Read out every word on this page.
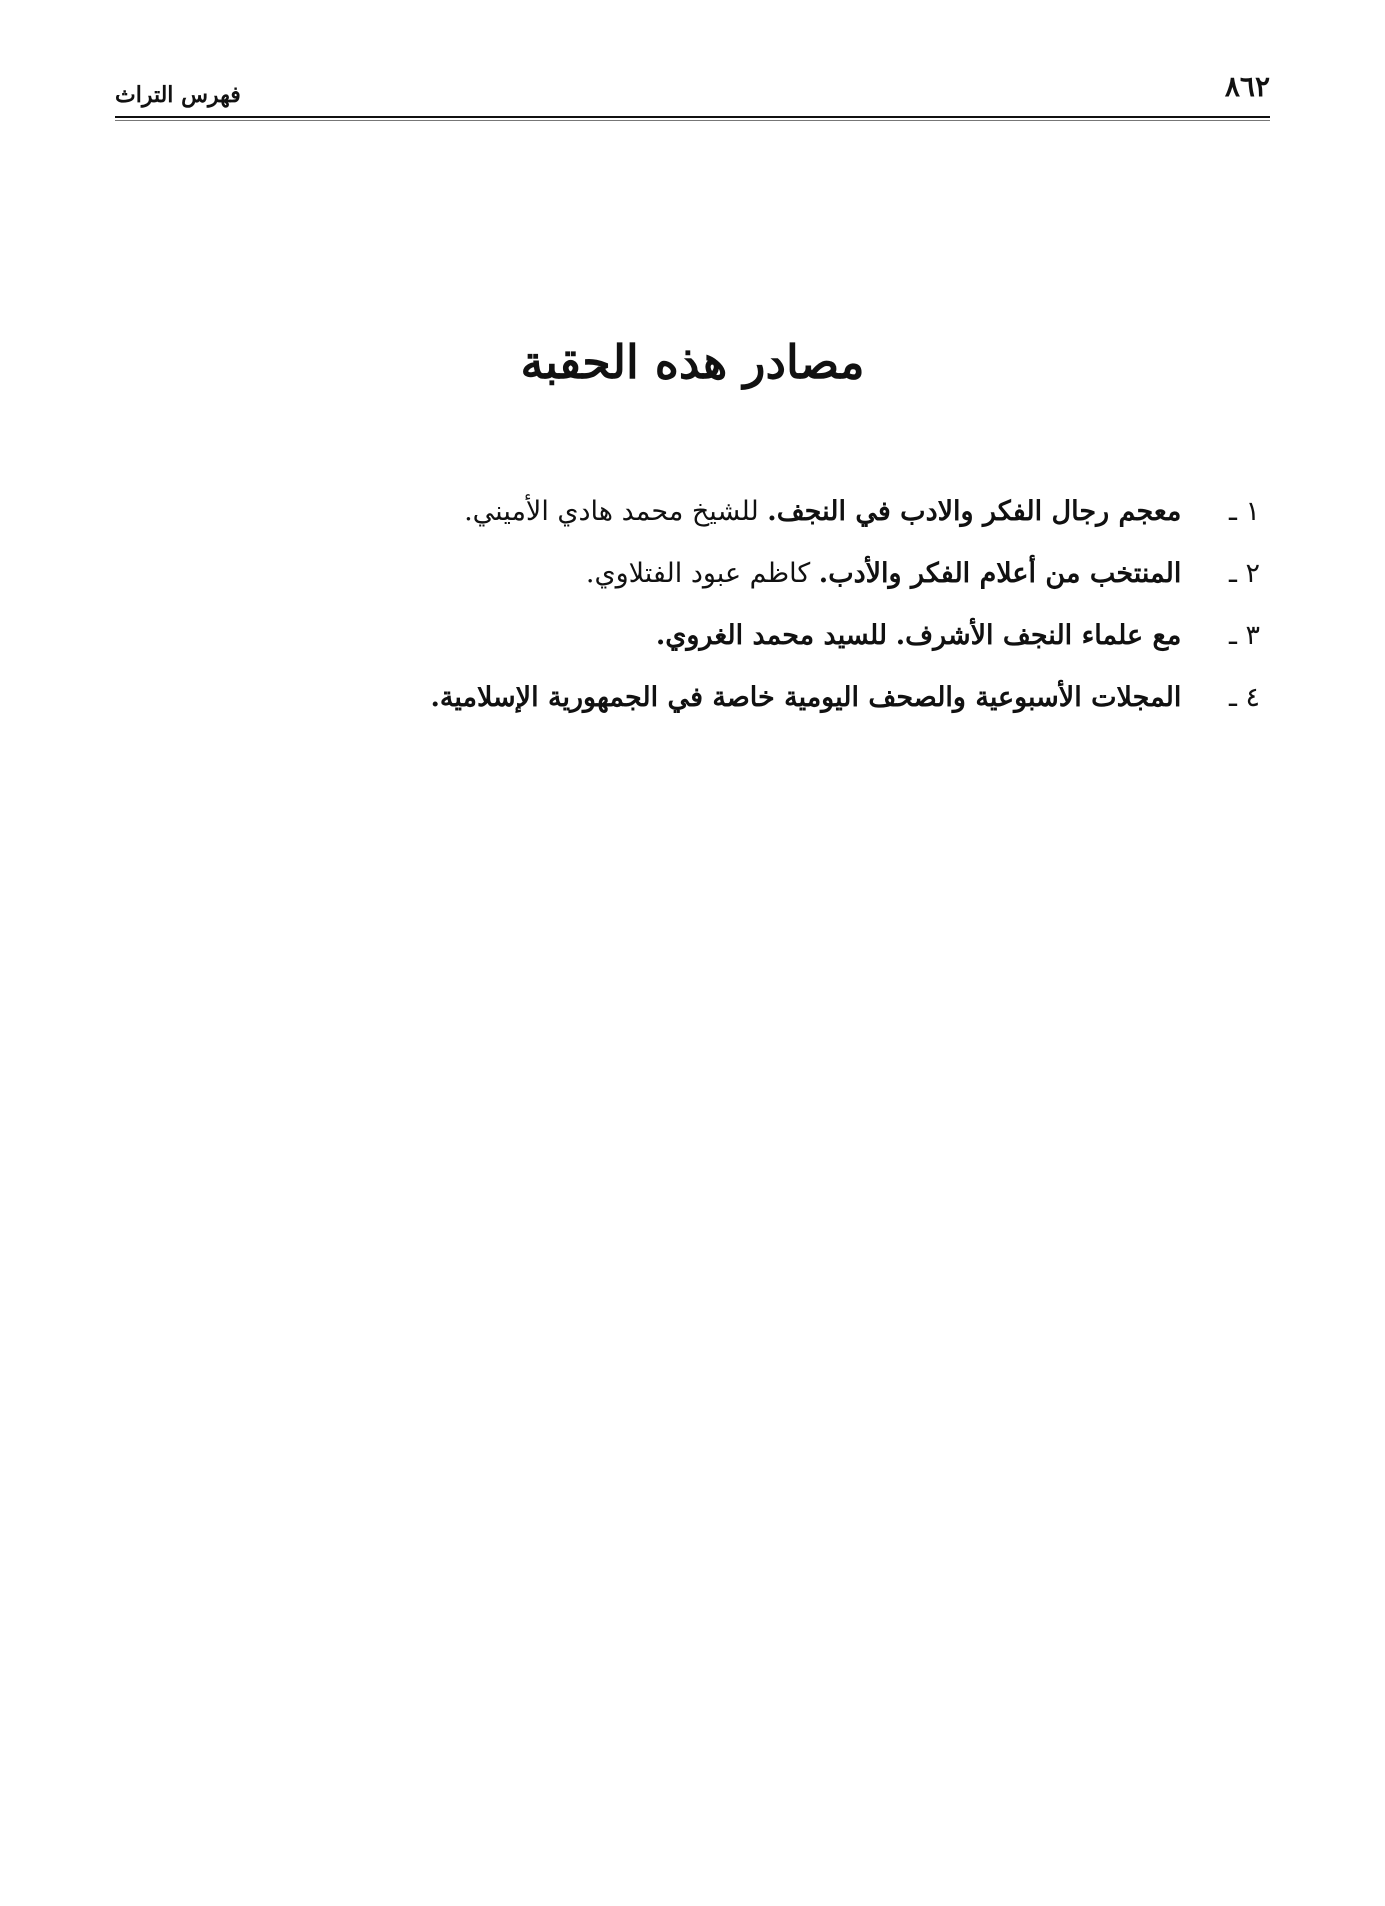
٨٦٢
فهرس التراث
مصادر هذه الحقبة
١ ـ معجم رجال الفكر والادب في النجف. للشيخ محمد هادي الأميني.
٢ ـ المنتخب من أعلام الفكر والأدب. كاظم عبود الفتلاوي.
٣ ـ مع علماء النجف الأشرف. للسيد محمد الغروي.
٤ ـ المجلات الأسبوعية والصحف اليومية خاصة في الجمهورية الإسلامية.
